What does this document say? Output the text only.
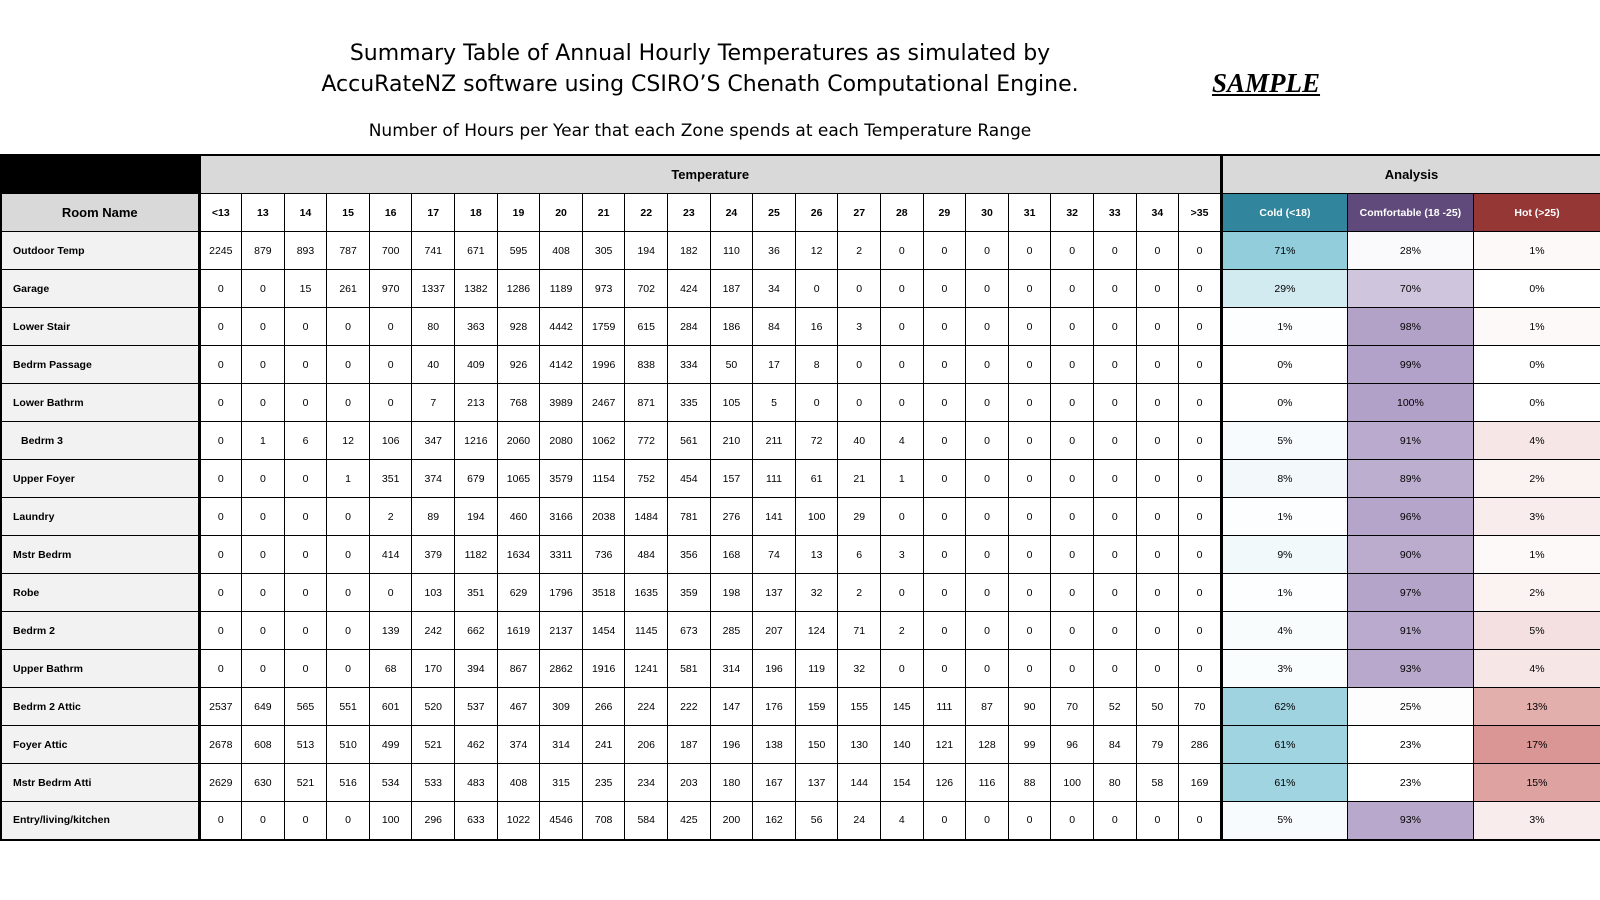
Summary Table of Annual Hourly Temperatures as simulated by
AccuRateNZ software using CSIRO’S Chenath Computational Engine.	SAMPLE
Number of Hours per Year that each Zone spends at each Temperature Range
	Temperature																								Analysis		
Room Name	<13	13	14	15	16	17	18	19	20	21	22	23	24	25	26	27	28	29	30	31	32	33	34	>35	Cold (<18)	Comfortable (18 -25)	Hot (>25)
Outdoor Temp	2245	879	893	787	700	741	671	595	408	305	194	182	110	36	12	2	0	0	0	0	0	0	0	0	71%	28%	1%
Garage	0	0	15	261	970	1337	1382	1286	1189	973	702	424	187	34	0	0	0	0	0	0	0	0	0	0	29%	70%	0%
Lower Stair	0	0	0	0	0	80	363	928	4442	1759	615	284	186	84	16	3	0	0	0	0	0	0	0	0	1%	98%	1%
Bedrm Passage	0	0	0	0	0	40	409	926	4142	1996	838	334	50	17	8	0	0	0	0	0	0	0	0	0	0%	99%	0%
Lower Bathrm	0	0	0	0	0	7	213	768	3989	2467	871	335	105	5	0	0	0	0	0	0	0	0	0	0	0%	100%	0%
Bedrm 3	0	1	6	12	106	347	1216	2060	2080	1062	772	561	210	211	72	40	4	0	0	0	0	0	0	0	5%	91%	4%
Upper Foyer	0	0	0	1	351	374	679	1065	3579	1154	752	454	157	111	61	21	1	0	0	0	0	0	0	0	8%	89%	2%
Laundry	0	0	0	0	2	89	194	460	3166	2038	1484	781	276	141	100	29	0	0	0	0	0	0	0	0	1%	96%	3%
Mstr Bedrm	0	0	0	0	414	379	1182	1634	3311	736	484	356	168	74	13	6	3	0	0	0	0	0	0	0	9%	90%	1%
Robe	0	0	0	0	0	103	351	629	1796	3518	1635	359	198	137	32	2	0	0	0	0	0	0	0	0	1%	97%	2%
Bedrm 2	0	0	0	0	139	242	662	1619	2137	1454	1145	673	285	207	124	71	2	0	0	0	0	0	0	0	4%	91%	5%
Upper Bathrm	0	0	0	0	68	170	394	867	2862	1916	1241	581	314	196	119	32	0	0	0	0	0	0	0	0	3%	93%	4%
Bedrm 2 Attic	2537	649	565	551	601	520	537	467	309	266	224	222	147	176	159	155	145	111	87	90	70	52	50	70	62%	25%	13%
Foyer Attic	2678	608	513	510	499	521	462	374	314	241	206	187	196	138	150	130	140	121	128	99	96	84	79	286	61%	23%	17%
Mstr Bedrm Atti	2629	630	521	516	534	533	483	408	315	235	234	203	180	167	137	144	154	126	116	88	100	80	58	169	61%	23%	15%
Entry/living/kitchen	0	0	0	0	100	296	633	1022	4546	708	584	425	200	162	56	24	4	0	0	0	0	0	0	0	5%	93%	3%
